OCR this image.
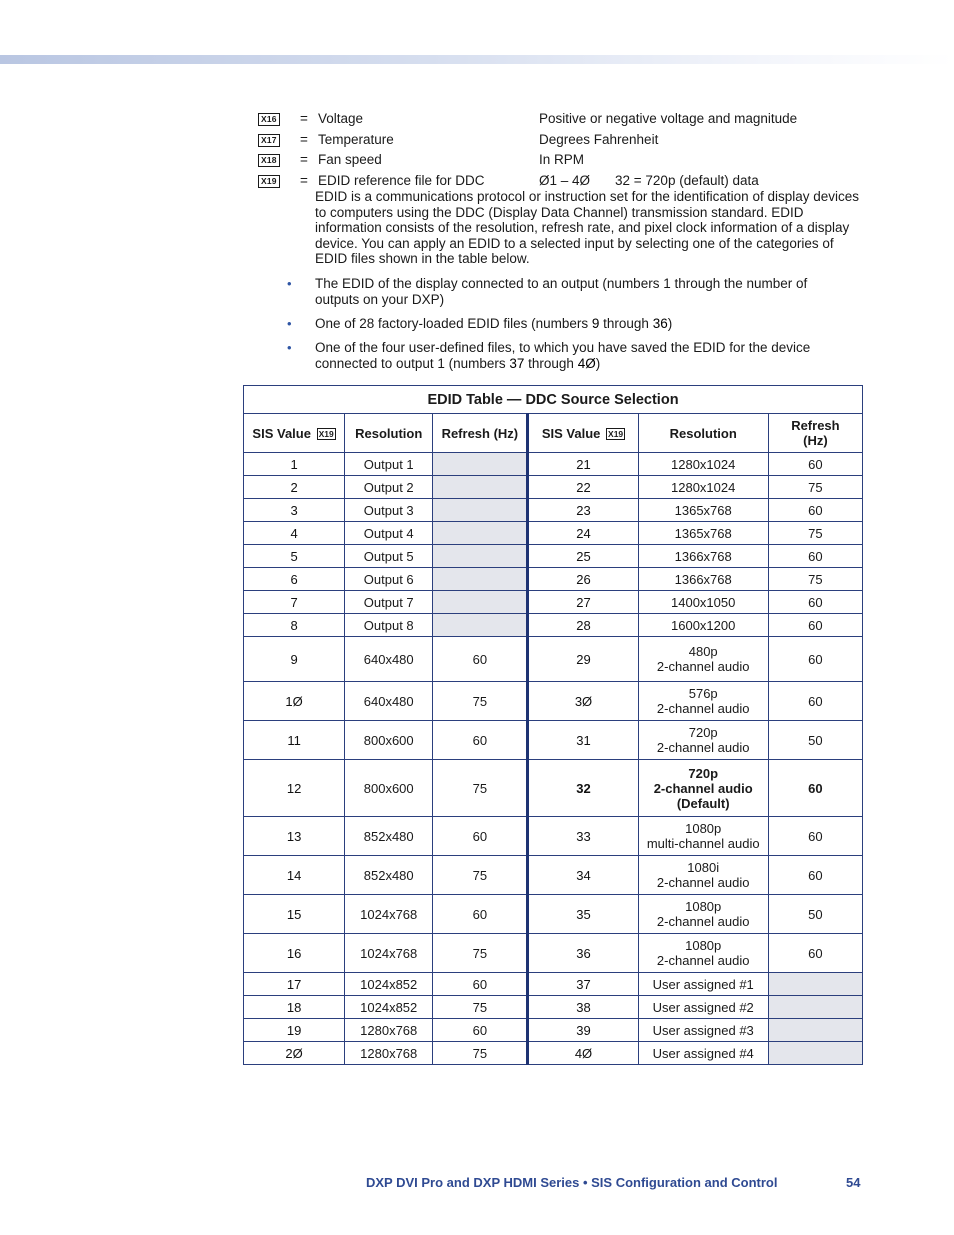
X16 = Voltage	Positive or negative voltage and magnitude
X17 = Temperature	Degrees Fahrenheit
X18 = Fan speed	In RPM
X19 = EDID reference file for DDC	Ø1 – 4Ø 32 = 720p (default) data
EDID is a communications protocol or instruction set for the identification of display devices to computers using the DDC (Display Data Channel) transmission standard. EDID information consists of the resolution, refresh rate, and pixel clock information of a display device. You can apply an EDID to a selected input by selecting one of the categories of EDID files shown in the table below.
• The EDID of the display connected to an output (numbers 1 through the number of outputs on your DXP)
• One of 28 factory-loaded EDID files (numbers 9 through 36)
• One of the four user-defined files, to which you have saved the EDID for the device connected to output 1 (numbers 37 through 4Ø)
EDID Table — DDC Source Selection					
SIS Value X19	Resolution	Refresh (Hz)	SIS Value X19	Resolution	Refresh
(Hz)
1	Output 1		21	1280x1024	60
2	Output 2		22	1280x1024	75
3	Output 3		23	1365x768	60
4	Output 4		24	1365x768	75
5	Output 5		25	1366x768	60
6	Output 6		26	1366x768	75
7	Output 7		27	1400x1050	60
8	Output 8		28	1600x1200	60
9	640x480	60	29	480p
2-channel audio	60
1Ø	640x480	75	3Ø	576p
2-channel audio	60
11	800x600	60	31	720p
2-channel audio	50
12	800x600	75	32	720p
2-channel audio
(Default)	60
13	852x480	60	33	1080p
multi-channel audio	60
14	852x480	75	34	1080i
2-channel audio	60
15	1024x768	60	35	1080p
2-channel audio	50
16	1024x768	75	36	1080p
2-channel audio	60
17	1024x852	60	37	User assigned #1	

18	1024x852	75	38	User assigned #2	

19	1280x768	60	39	User assigned #3	

2Ø	1280x768	75	4Ø	User assigned #4	

DXP DVI Pro and DXP HDMI Series • SIS Configuration and Control	54
